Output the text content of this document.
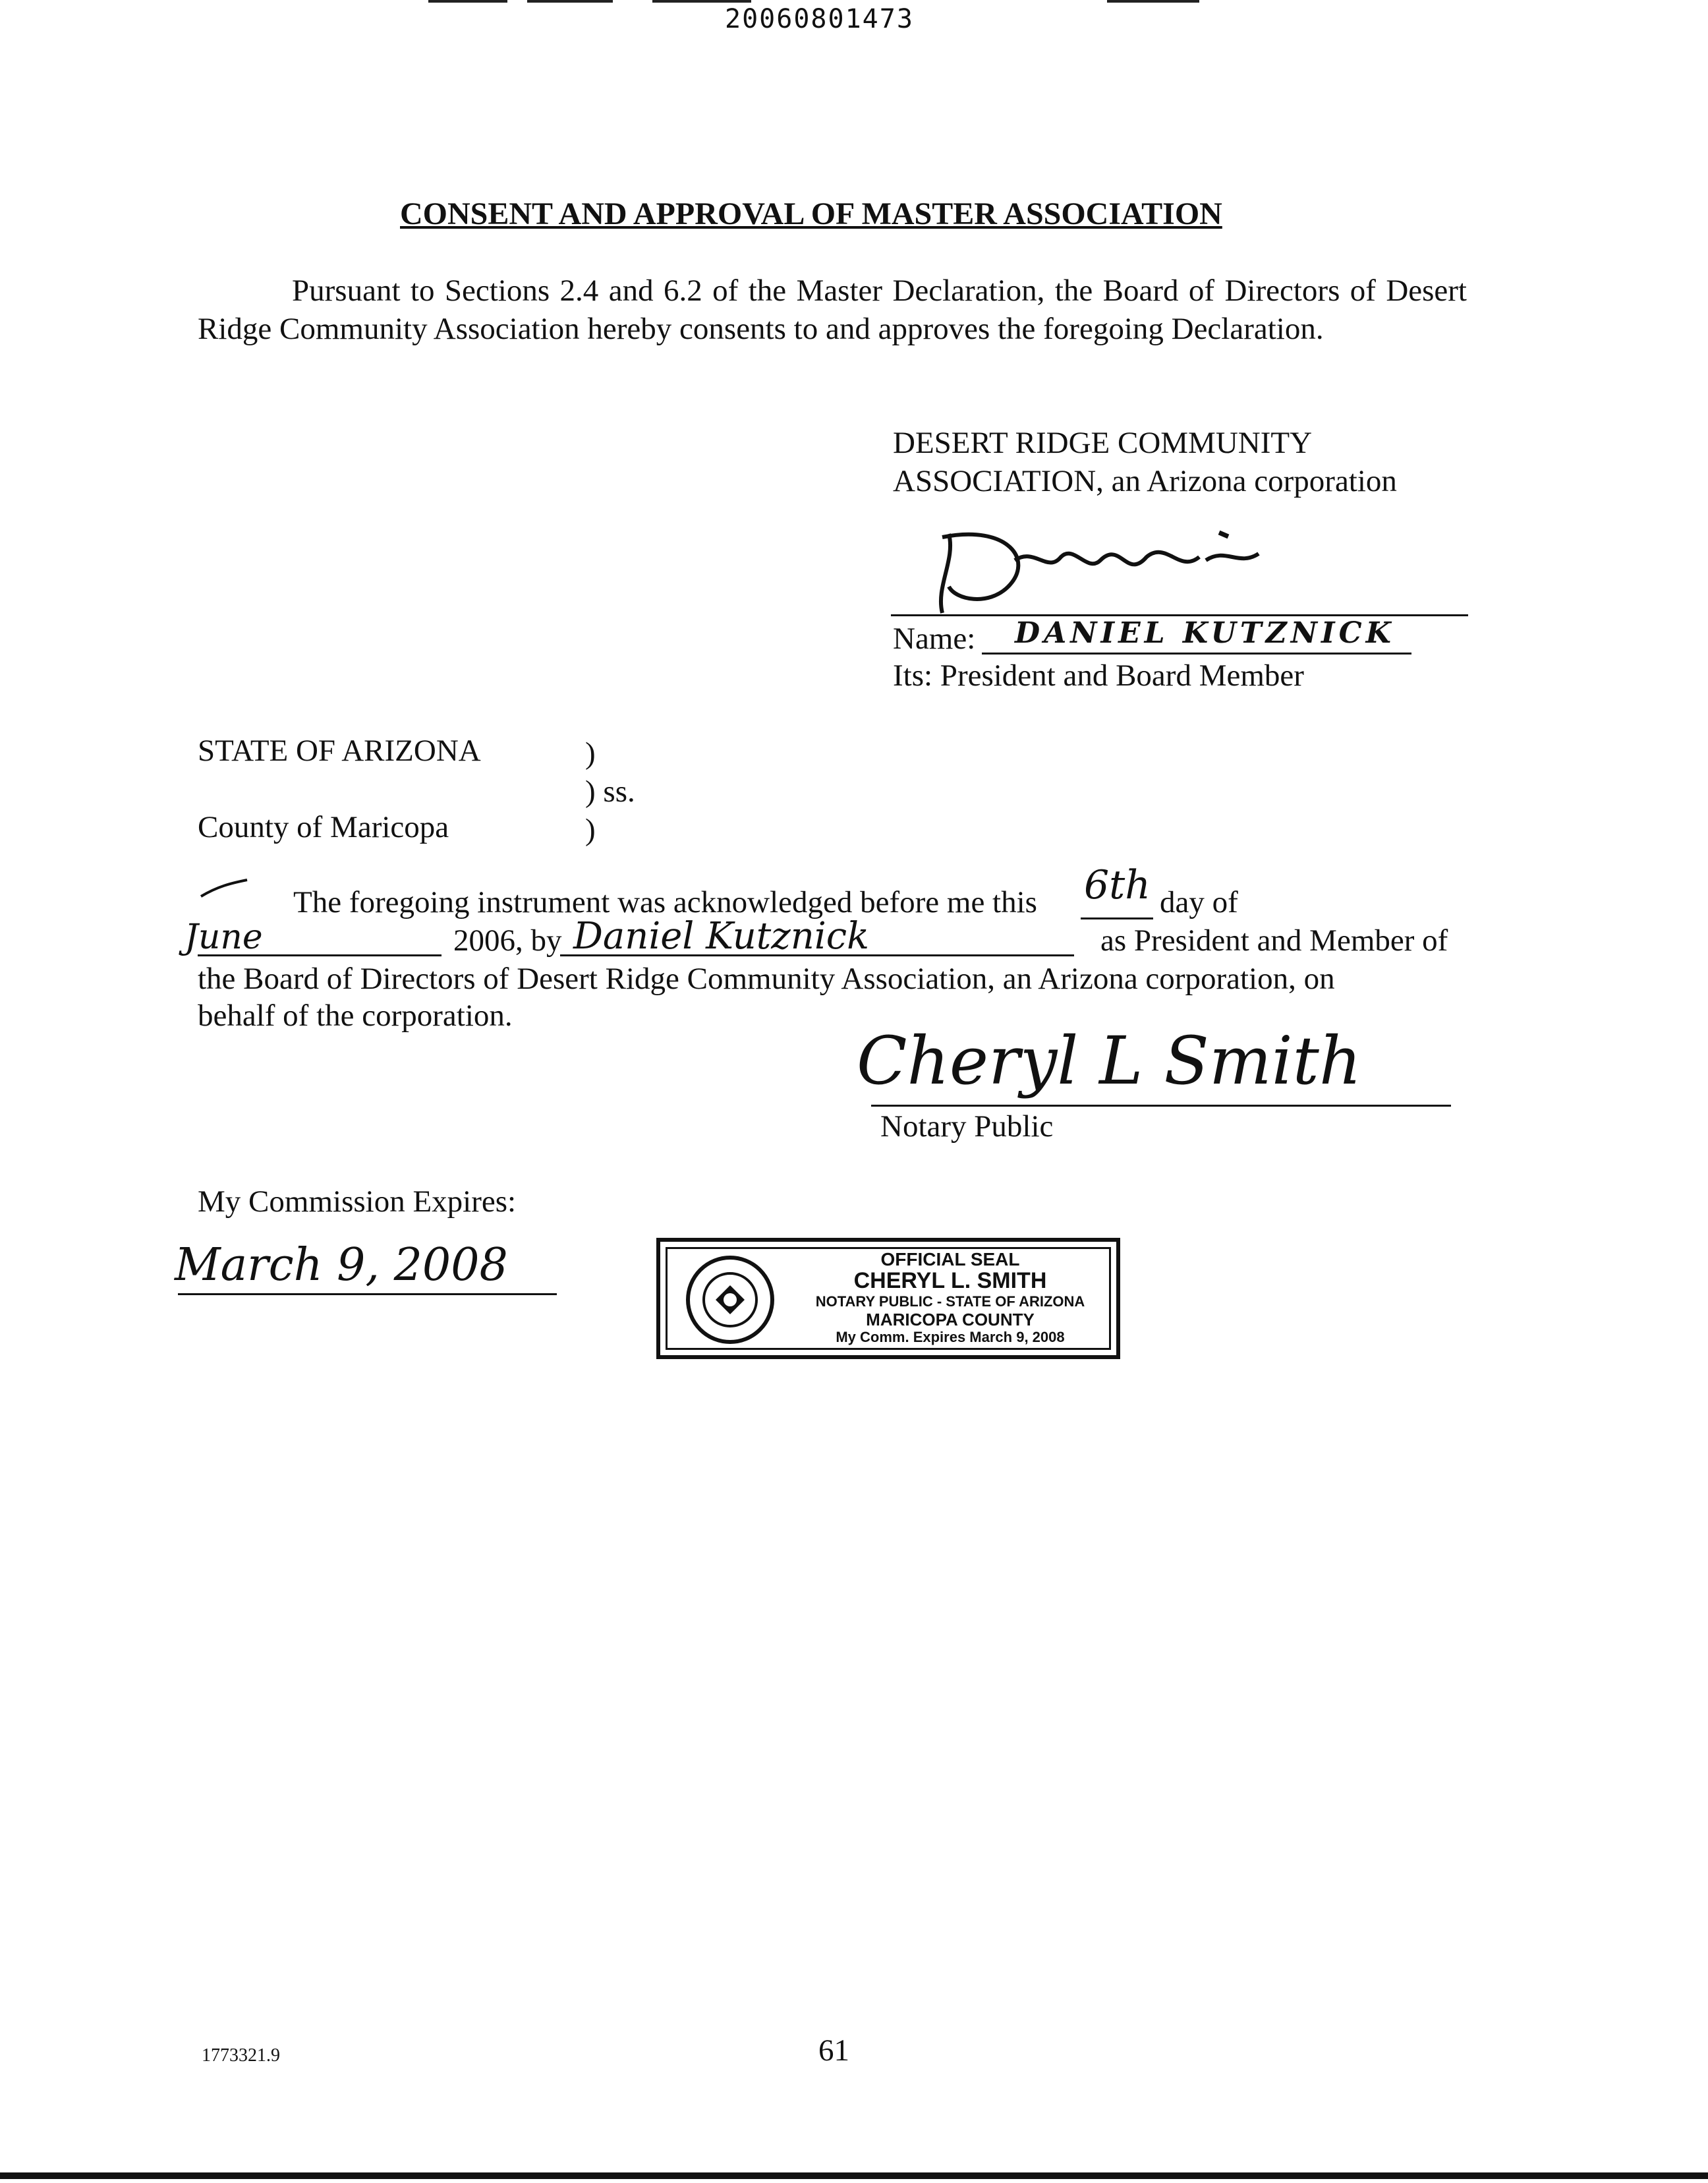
20060801473
CONSENT AND APPROVAL OF MASTER ASSOCIATION
Pursuant to Sections 2.4 and 6.2 of the Master Declaration, the Board of Directors of Desert Ridge Community Association hereby consents to and approves the foregoing Declaration.
DESERT RIDGE COMMUNITY
ASSOCIATION, an Arizona corporation
Name: DANIEL KUTZNICK
Its: President and Board Member
STATE OF ARIZONA	)
) ss.
County of Maricopa	)
The foregoing instrument was acknowledged before me this 6th day of
June	2006, by Daniel Kutznick	as President and Member of
the Board of Directors of Desert Ridge Community Association, an Arizona corporation, on
behalf of the corporation.
Cheryl L Smith
Notary Public
My Commission Expires:
March 9, 2008	OFFICIAL SEAL
CHERYL L. SMITH
NOTARY PUBLIC - STATE OF ARIZONA
MARICOPA COUNTY
My Comm. Expires March 9, 2008
1773321.9	61
